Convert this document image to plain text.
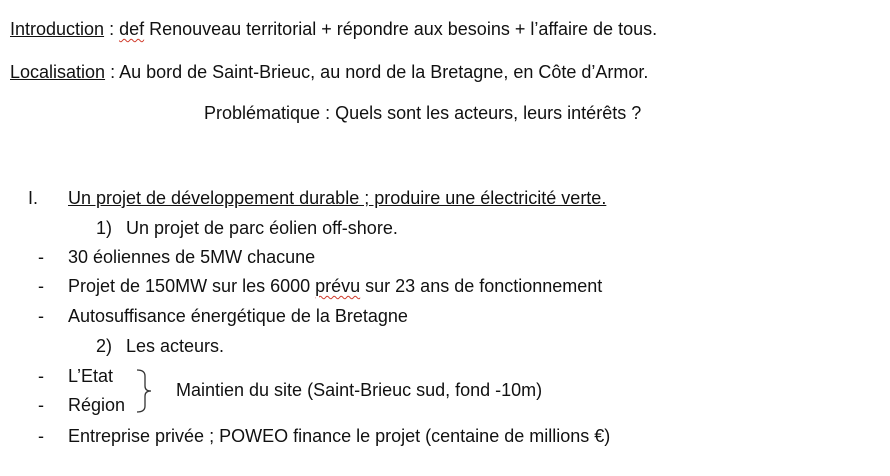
Introduction : def Renouveau territorial + répondre aux besoins + l’affaire de tous.
Localisation : Au bord de Saint-Brieuc, au nord de la Bretagne, en Côte d’Armor.
Problématique : Quels sont les acteurs, leurs intérêts ?
I. Un projet de développement durable ; produire une électricité verte.
1) Un projet de parc éolien off-shore.
- 30 éoliennes de 5MW chacune
- Projet de 150MW sur les 6000 prévu sur 23 ans de fonctionnement
- Autosuffisance énergétique de la Bretagne
2) Les acteurs.
- L’Etat
- Région
Maintien du site (Saint-Brieuc sud, fond -10m)
- Entreprise privée ; POWEO finance le projet (centaine de millions €)
